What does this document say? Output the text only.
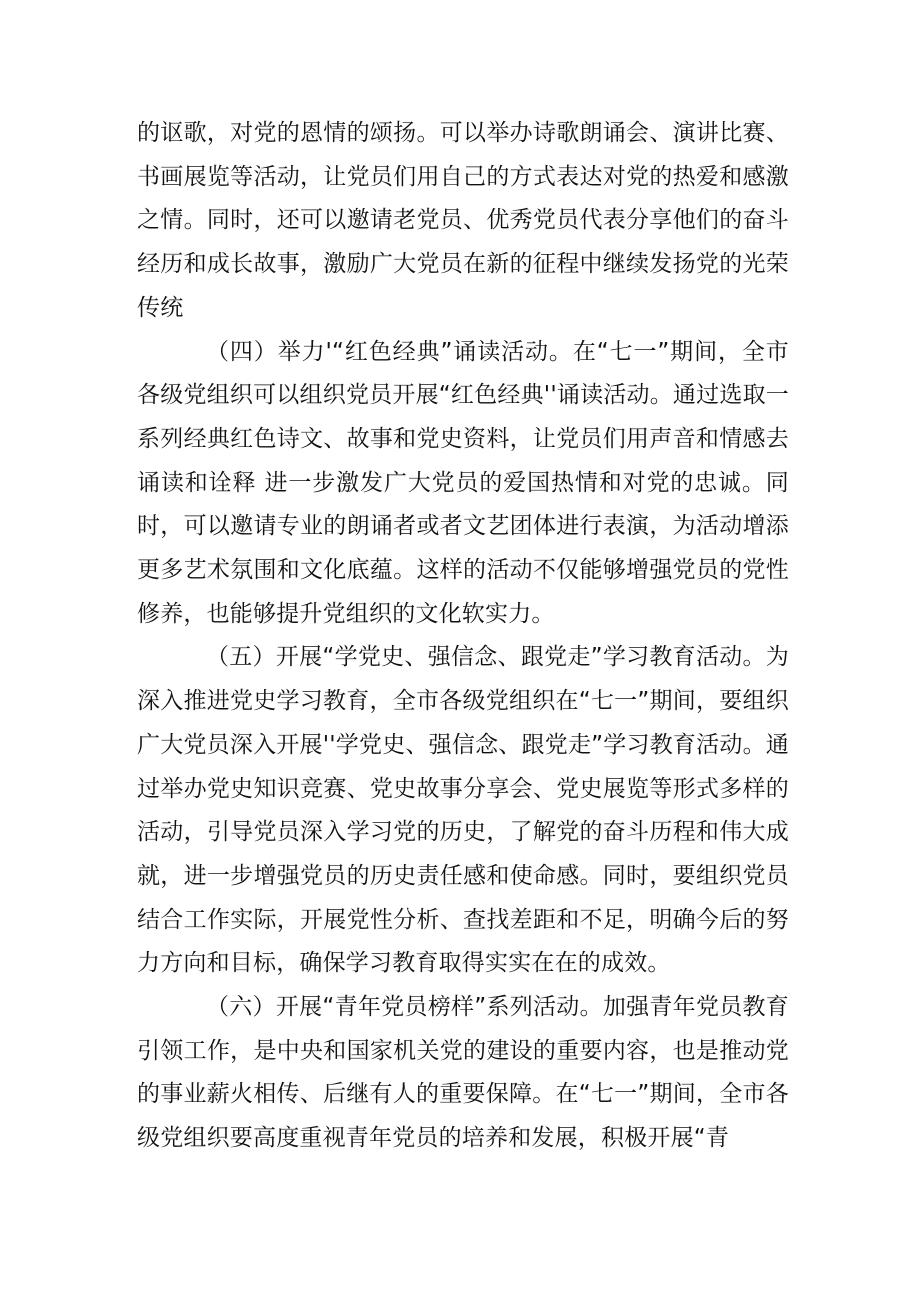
的讴歌，对党的恩情的颂扬。可以举办诗歌朗诵会、演讲比赛、书画展览等活动，让党员们用自己的方式表达对党的热爱和感激之情。同时，还可以邀请老党员、优秀党员代表分享他们的奋斗经历和成长故事，激励广大党员在新的征程中继续发扬党的光荣传统

（四）举力'“红色经典”诵读活动。在“七一”期间，全市各级党组织可以组织党员开展“红色经典''诵读活动。通过选取一系列经典红色诗文、故事和党史资料，让党员们用声音和情感去诵读和诠释 进一步激发广大党员的爱国热情和对党的忠诚。同时，可以邀请专业的朗诵者或者文艺团体进行表演，为活动增添更多艺术氛围和文化底蕴。这样的活动不仅能够增强党员的党性修养，也能够提升党组织的文化软实力。

（五）开展“学党史、强信念、跟党走”学习教育活动。为深入推进党史学习教育，全市各级党组织在“七一”期间，要组织广大党员深入开展''学党史、强信念、跟党走”学习教育活动。通过举办党史知识竞赛、党史故事分享会、党史展览等形式多样的活动，引导党员深入学习党的历史，了解党的奋斗历程和伟大成就，进一步增强党员的历史责任感和使命感。同时，要组织党员结合工作实际，开展党性分析、查找差距和不足，明确今后的努力方向和目标，确保学习教育取得实实在在的成效。

（六）开展“青年党员榜样”系列活动。加强青年党员教育引领工作，是中央和国家机关党的建设的重要内容，也是推动党的事业薪火相传、后继有人的重要保障。在“七一”期间，全市各级党组织要高度重视青年党员的培养和发展，积极开展“青
